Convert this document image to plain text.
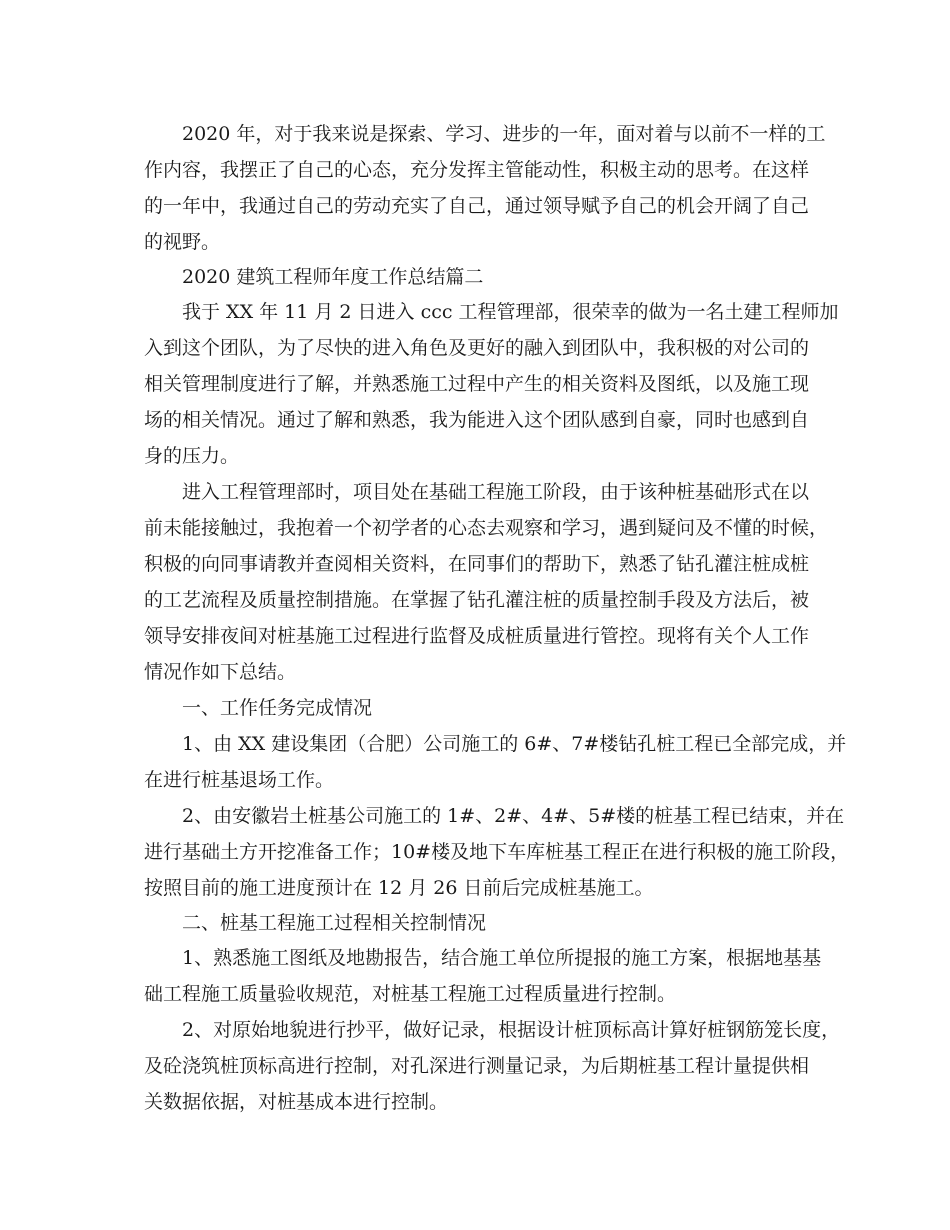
2020 年，对于我来说是探索、学习、进步的一年，面对着与以前不一样的工
作内容，我摆正了自己的心态，充分发挥主管能动性，积极主动的思考。在这样
的一年中，我通过自己的劳动充实了自己，通过领导赋予自己的机会开阔了自己
的视野。
2020 建筑工程师年度工作总结篇二
我于 XX 年 11 月 2 日进入 ccc 工程管理部，很荣幸的做为一名土建工程师加
入到这个团队，为了尽快的进入角色及更好的融入到团队中，我积极的对公司的
相关管理制度进行了解，并熟悉施工过程中产生的相关资料及图纸，以及施工现
场的相关情况。通过了解和熟悉，我为能进入这个团队感到自豪，同时也感到自
身的压力。
进入工程管理部时，项目处在基础工程施工阶段，由于该种桩基础形式在以
前未能接触过，我抱着一个初学者的心态去观察和学习，遇到疑问及不懂的时候，
积极的向同事请教并查阅相关资料，在同事们的帮助下，熟悉了钻孔灌注桩成桩
的工艺流程及质量控制措施。在掌握了钻孔灌注桩的质量控制手段及方法后，被
领导安排夜间对桩基施工过程进行监督及成桩质量进行管控。现将有关个人工作
情况作如下总结。
一、工作任务完成情况
1、由 XX 建设集团（合肥）公司施工的 6#、7#楼钻孔桩工程已全部完成，并
在进行桩基退场工作。
2、由安徽岩土桩基公司施工的 1#、2#、4#、5#楼的桩基工程已结束，并在
进行基础土方开挖准备工作；10#楼及地下车库桩基工程正在进行积极的施工阶段，
按照目前的施工进度预计在 12 月 26 日前后完成桩基施工。
二、桩基工程施工过程相关控制情况
1、熟悉施工图纸及地勘报告，结合施工单位所提报的施工方案，根据地基基
础工程施工质量验收规范，对桩基工程施工过程质量进行控制。
2、对原始地貌进行抄平，做好记录，根据设计桩顶标高计算好桩钢筋笼长度，
及砼浇筑桩顶标高进行控制，对孔深进行测量记录，为后期桩基工程计量提供相
关数据依据，对桩基成本进行控制。
